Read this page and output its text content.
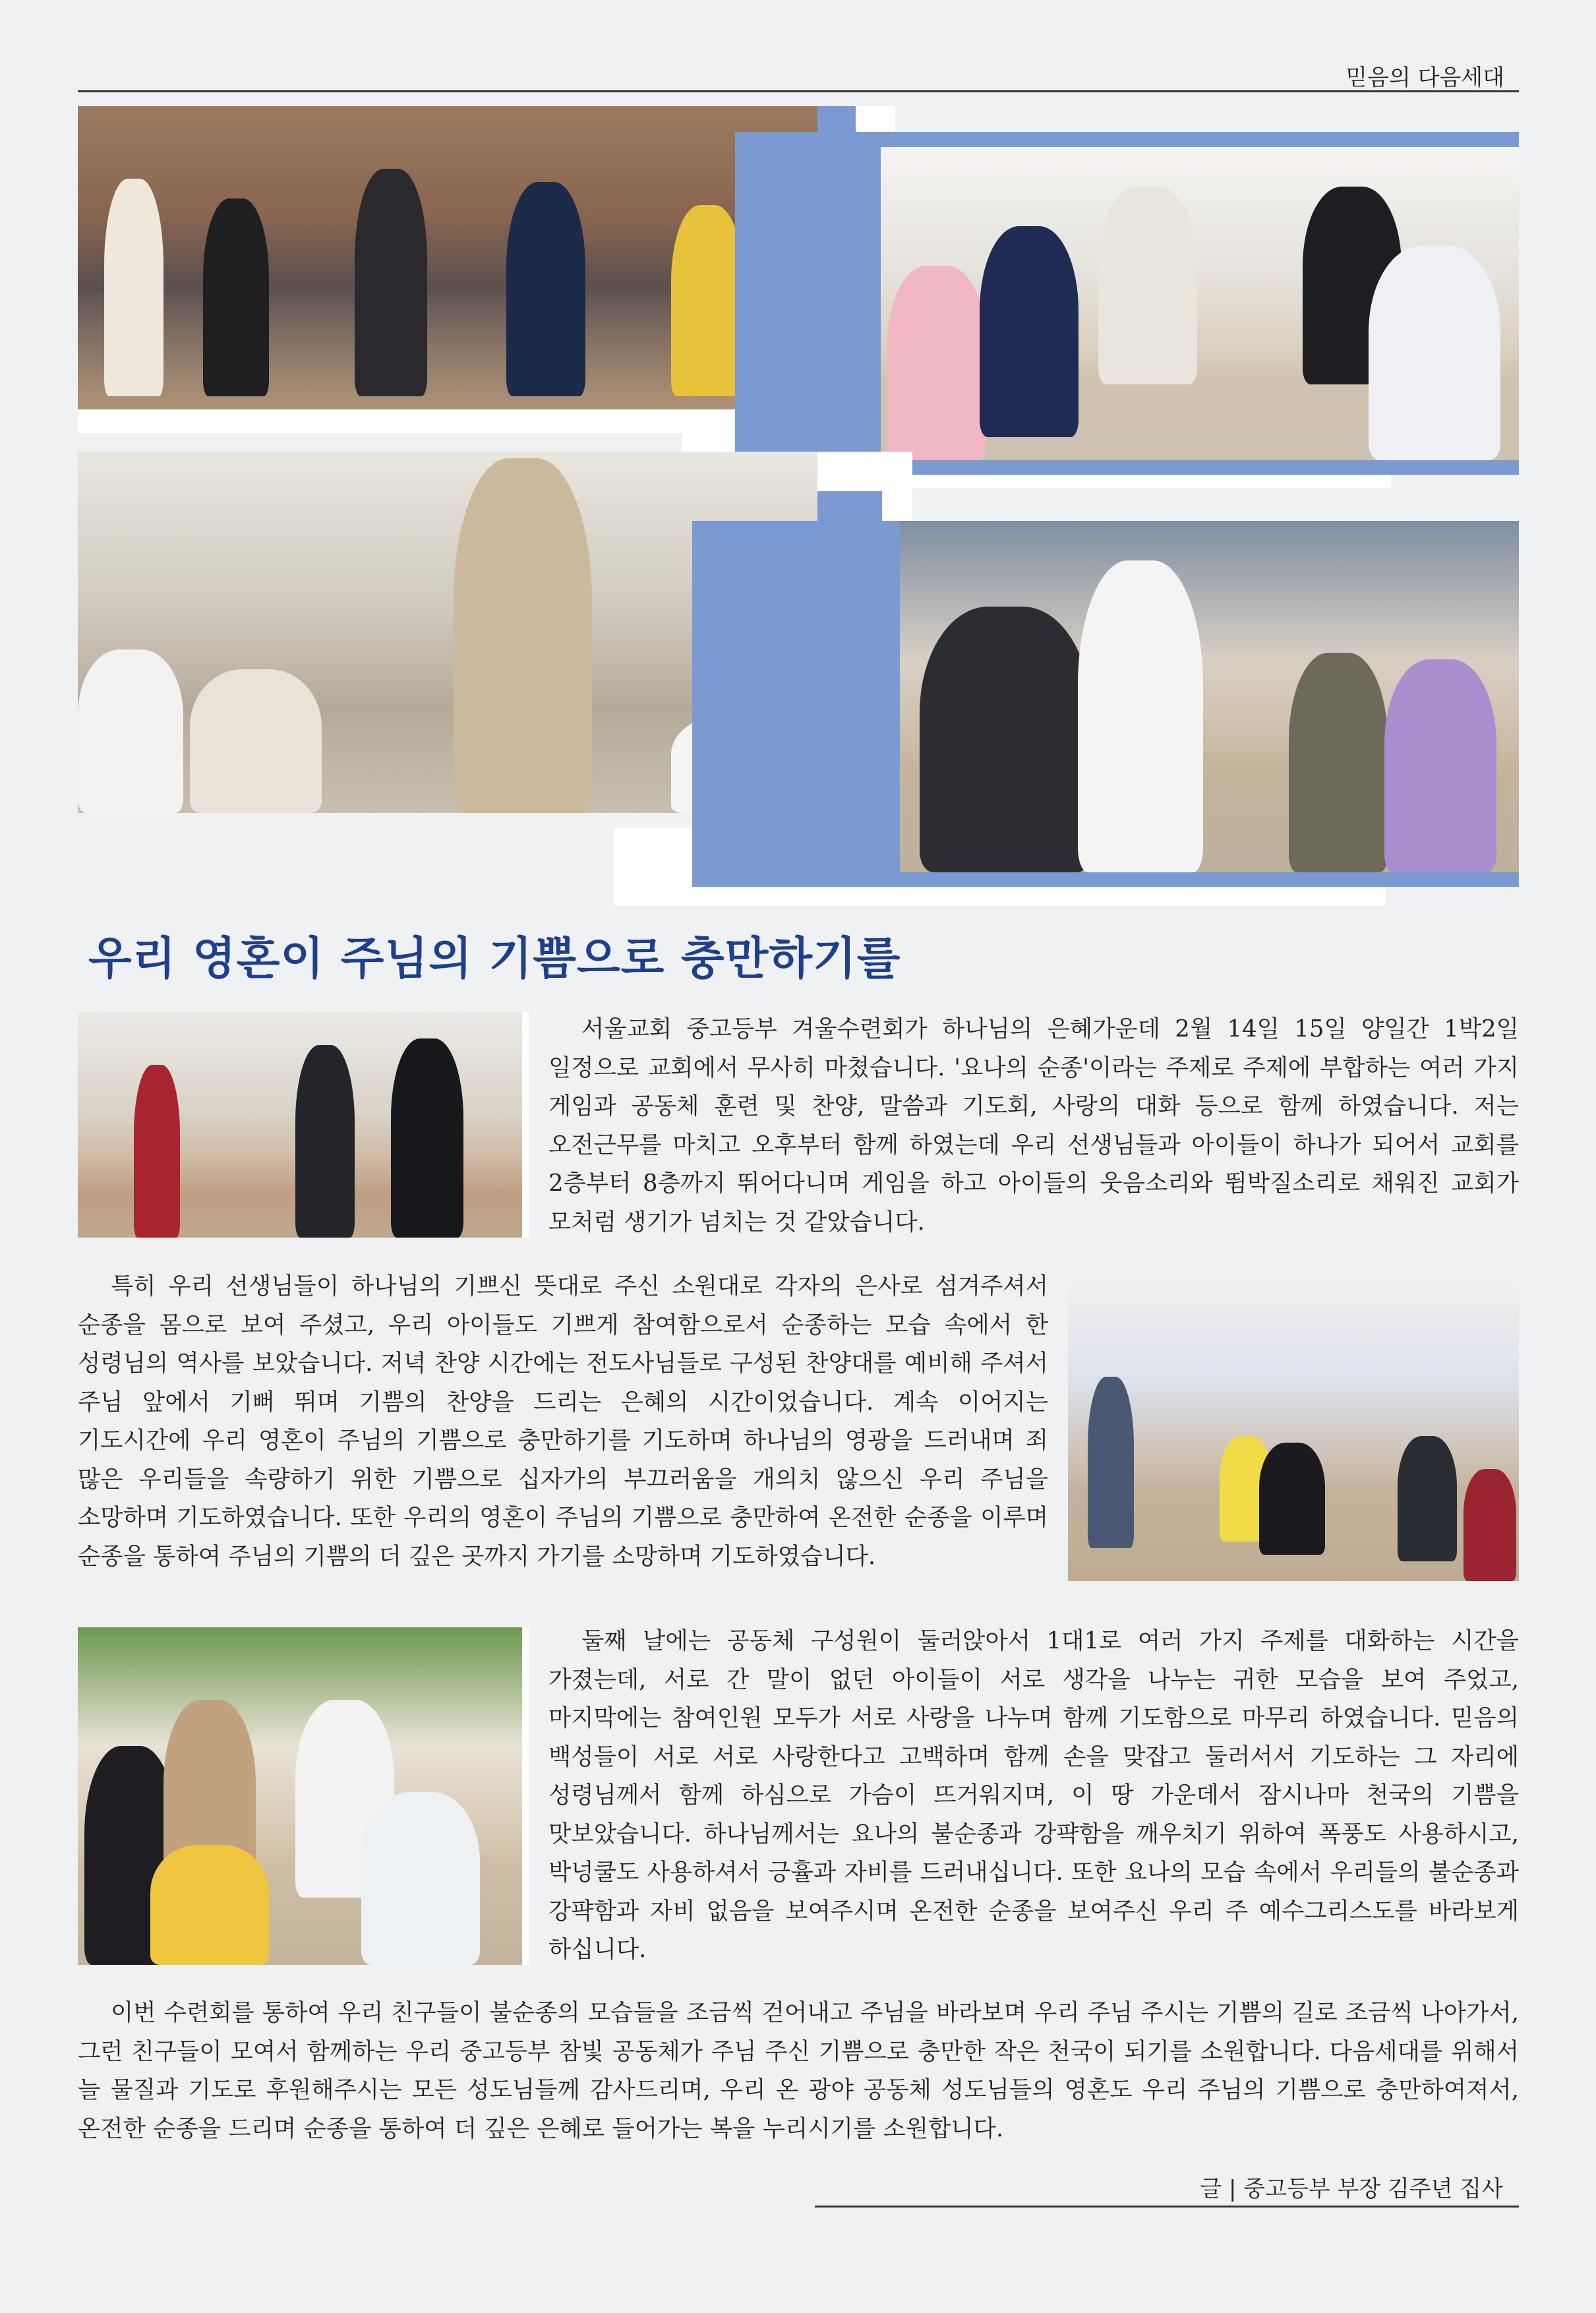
믿음의 다음세대
우리 영혼이 주님의 기쁨으로 충만하기를

서울교회 중고등부 겨울수련회가 하나님의 은혜가운데 2월 14일 15일 양일간 1박2일 일정으로 교회에서 무사히 마쳤습니다. '요나의 순종'이라는 주제로 주제에 부합하는 여러 가지 게임과 공동체 훈련 및 찬양, 말씀과 기도회, 사랑의 대화 등으로 함께 하였습니다. 저는 오전근무를 마치고 오후부터 함께 하였는데 우리 선생님들과 아이들이 하나가 되어서 교회를 2층부터 8층까지 뛰어다니며 게임을 하고 아이들의 웃음소리와 뜀박질소리로 채워진 교회가 모처럼 생기가 넘치는 것 같았습니다.

특히 우리 선생님들이 하나님의 기쁘신 뜻대로 주신 소원대로 각자의 은사로 섬겨주셔서 순종을 몸으로 보여 주셨고, 우리 아이들도 기쁘게 참여함으로서 순종하는 모습 속에서 한 성령님의 역사를 보았습니다. 저녁 찬양 시간에는 전도사님들로 구성된 찬양대를 예비해 주셔서 주님 앞에서 기뻐 뛰며 기쁨의 찬양을 드리는 은혜의 시간이었습니다. 계속 이어지는 기도시간에 우리 영혼이 주님의 기쁨으로 충만하기를 기도하며 하나님의 영광을 드러내며 죄 많은 우리들을 속량하기 위한 기쁨으로 십자가의 부끄러움을 개의치 않으신 우리 주님을 소망하며 기도하였습니다. 또한 우리의 영혼이 주님의 기쁨으로 충만하여 온전한 순종을 이루며 순종을 통하여 주님의 기쁨의 더 깊은 곳까지 가기를 소망하며 기도하였습니다.

둘째 날에는 공동체 구성원이 둘러앉아서 1대1로 여러 가지 주제를 대화하는 시간을 가졌는데, 서로 간 말이 없던 아이들이 서로 생각을 나누는 귀한 모습을 보여 주었고, 마지막에는 참여인원 모두가 서로 사랑을 나누며 함께 기도함으로 마무리 하였습니다. 믿음의 백성들이 서로 서로 사랑한다고 고백하며 함께 손을 맞잡고 둘러서서 기도하는 그 자리에 성령님께서 함께 하심으로 가슴이 뜨거워지며, 이 땅 가운데서 잠시나마 천국의 기쁨을 맛보았습니다. 하나님께서는 요나의 불순종과 강퍅함을 깨우치기 위하여 폭풍도 사용하시고, 박넝쿨도 사용하셔서 긍휼과 자비를 드러내십니다. 또한 요나의 모습 속에서 우리들의 불순종과 강퍅함과 자비 없음을 보여주시며 온전한 순종을 보여주신 우리 주 예수그리스도를 바라보게 하십니다.

이번 수련회를 통하여 우리 친구들이 불순종의 모습들을 조금씩 걷어내고 주님을 바라보며 우리 주님 주시는 기쁨의 길로 조금씩 나아가서, 그런 친구들이 모여서 함께하는 우리 중고등부 참빛 공동체가 주님 주신 기쁨으로 충만한 작은 천국이 되기를 소원합니다. 다음세대를 위해서 늘 물질과 기도로 후원해주시는 모든 성도님들께 감사드리며, 우리 온 광야 공동체 성도님들의 영혼도 우리 주님의 기쁨으로 충만하여져서, 온전한 순종을 드리며 순종을 통하여 더 깊은 은혜로 들어가는 복을 누리시기를 소원합니다.

글 | 중고등부 부장 김주년 집사
